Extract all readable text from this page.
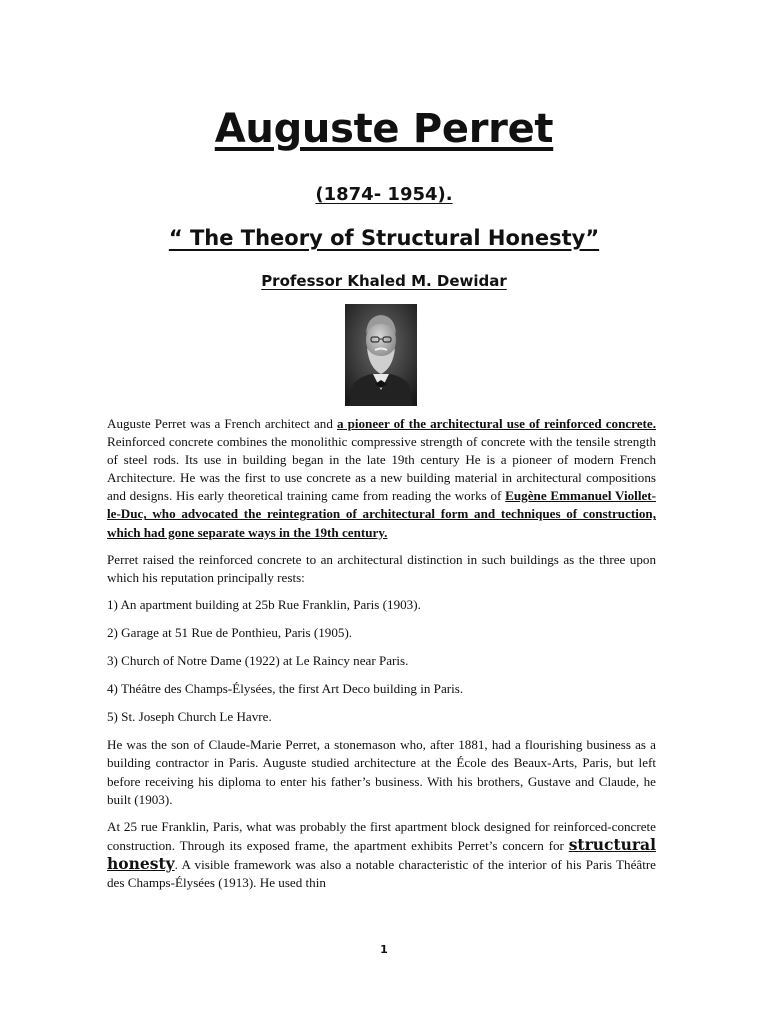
Auguste Perret
(1874- 1954).
“ The Theory of Structural Honesty”
Professor Khaled M. Dewidar

Auguste Perret was a French architect and a pioneer of the architectural use of reinforced concrete. Reinforced concrete combines the monolithic compressive strength of concrete with the tensile strength of steel rods. Its use in building began in the late 19th century He is a pioneer of modern French Architecture. He was the first to use concrete as a new building material in architectural compositions and designs. His early theoretical training came from reading the works of Eugène Emmanuel Viollet-le-Duc, who advocated the reintegration of architectural form and techniques of construction, which had gone separate ways in the 19th century.

Perret raised the reinforced concrete to an architectural distinction in such buildings as the three upon which his reputation principally rests:

1) An apartment building at 25b Rue Franklin, Paris (1903).

2) Garage at 51 Rue de Ponthieu, Paris (1905).

3) Church of Notre Dame (1922) at Le Raincy near Paris.

4) Théâtre des Champs-Élysées, the first Art Deco building in Paris.

5) St. Joseph Church Le Havre.

He was the son of Claude-Marie Perret, a stonemason who, after 1881, had a flourishing business as a building contractor in Paris. Auguste studied architecture at the École des Beaux-Arts, Paris, but left before receiving his diploma to enter his father’s business. With his brothers, Gustave and Claude, he built (1903).

At 25 rue Franklin, Paris, what was probably the first apartment block designed for reinforced-concrete construction. Through its exposed frame, the apartment exhibits Perret’s concern for structural honesty. A visible framework was also a notable characteristic of the interior of his Paris Théâtre des Champs-Élysées (1913). He used thin

1
